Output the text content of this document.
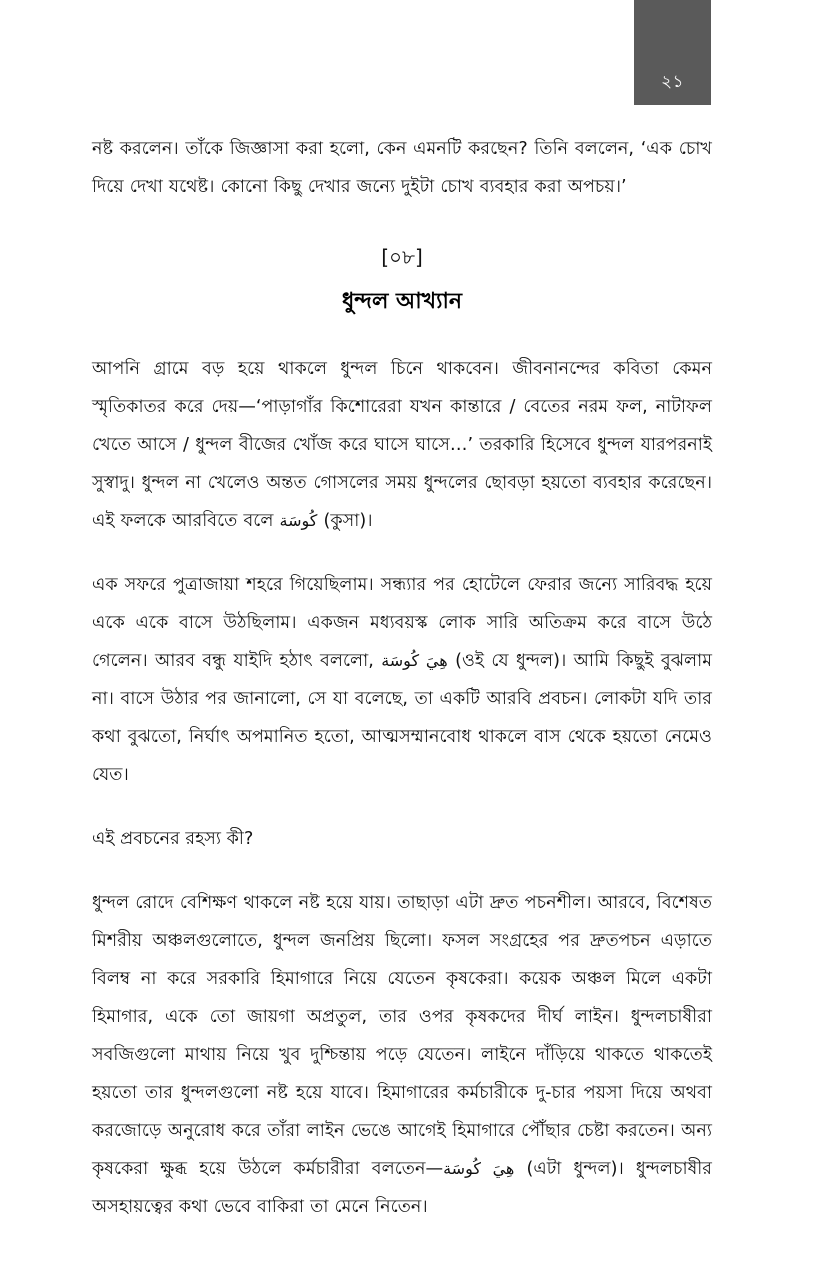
২১

নষ্ট করলেন। তাঁকে জিজ্ঞাসা করা হলো, কেন এমনটি করছেন? তিনি বললেন, ‘এক চোখ দিয়ে দেখা যথেষ্ট। কোনো কিছু দেখার জন্যে দুইটা চোখ ব্যবহার করা অপচয়।’

[০৮]
ধুন্দল আখ্যান

আপনি গ্রামে বড় হয়ে থাকলে ধুন্দল চিনে থাকবেন। জীবনানন্দের কবিতা কেমন স্মৃতিকাতর করে দেয়—‘পাড়াগাঁর কিশোরেরা যখন কান্তারে / বেতের নরম ফল, নাটাফল খেতে আসে / ধুন্দল বীজের খোঁজ করে ঘাসে ঘাসে…’ তরকারি হিসেবে ধুন্দল যারপরনাই সুস্বাদু। ধুন্দল না খেলেও অন্তত গোসলের সময় ধুন্দলের ছোবড়া হয়তো ব্যবহার করেছেন। এই ফলকে আরবিতে বলে كُوسَة (কুসা)।

এক সফরে পুত্রাজায়া শহরে গিয়েছিলাম। সন্ধ্যার পর হোটেলে ফেরার জন্যে সারিবদ্ধ হয়ে একে একে বাসে উঠছিলাম। একজন মধ্যবয়স্ক লোক সারি অতিক্রম করে বাসে উঠে গেলেন। আরব বন্ধু যাইদি হঠাৎ বললো, هِيَ كُوسَة (ওই যে ধুন্দল)। আমি কিছুই বুঝলাম না। বাসে উঠার পর জানালো, সে যা বলেছে, তা একটি আরবি প্রবচন। লোকটা যদি তার কথা বুঝতো, নির্ঘাৎ অপমানিত হতো, আত্মসম্মানবোধ থাকলে বাস থেকে হয়তো নেমেও যেত।

এই প্রবচনের রহস্য কী?

ধুন্দল রোদে বেশিক্ষণ থাকলে নষ্ট হয়ে যায়। তাছাড়া এটা দ্রুত পচনশীল। আরবে, বিশেষত মিশরীয় অঞ্চলগুলোতে, ধুন্দল জনপ্রিয় ছিলো। ফসল সংগ্রহের পর দ্রুতপচন এড়াতে বিলম্ব না করে সরকারি হিমাগারে নিয়ে যেতেন কৃষকেরা। কয়েক অঞ্চল মিলে একটা হিমাগার, একে তো জায়গা অপ্রতুল, তার ওপর কৃষকদের দীর্ঘ লাইন। ধুন্দলচাষীরা সবজিগুলো মাথায় নিয়ে খুব দুশ্চিন্তায় পড়ে যেতেন। লাইনে দাঁড়িয়ে থাকতে থাকতেই হয়তো তার ধুন্দলগুলো নষ্ট হয়ে যাবে। হিমাগারের কর্মচারীকে দু-চার পয়সা দিয়ে অথবা করজোড়ে অনুরোধ করে তাঁরা লাইন ভেঙে আগেই হিমাগারে পৌঁছার চেষ্টা করতেন। অন্য কৃষকেরা ক্ষুব্ধ হয়ে উঠলে কর্মচারীরা বলতেন—هِيَ كُوسَة (এটা ধুন্দল)। ধুন্দলচাষীর অসহায়ত্বের কথা ভেবে বাকিরা তা মেনে নিতেন।
